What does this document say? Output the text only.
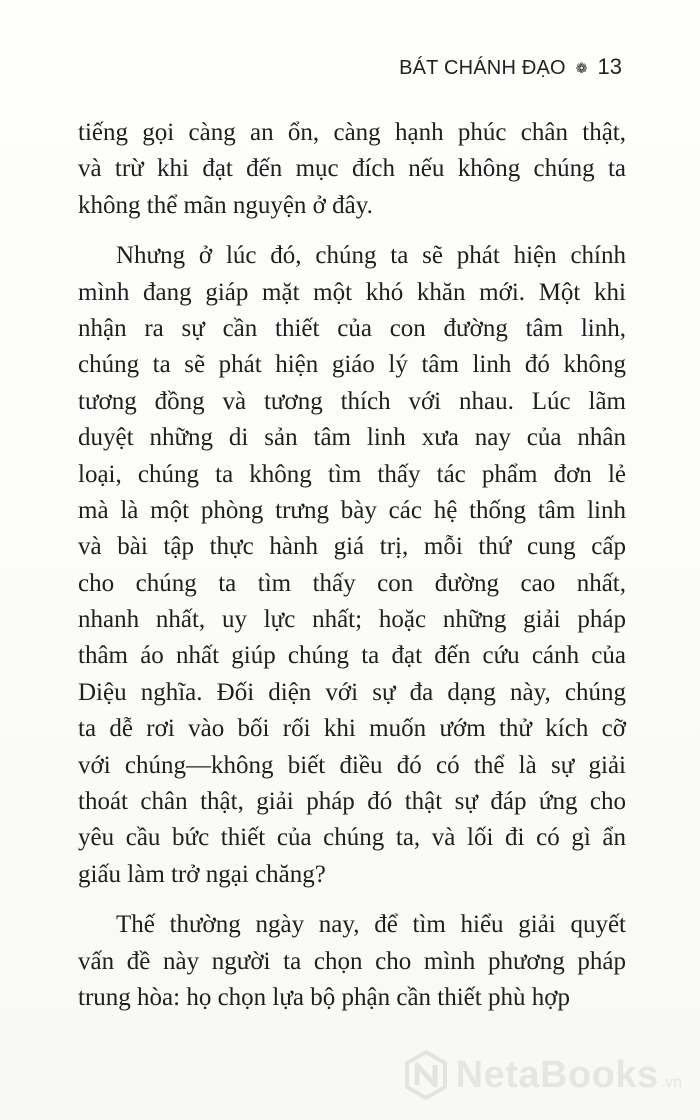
BÁT CHÁNH ĐẠO ❁ 13
tiếng gọi càng an ổn, càng hạnh phúc chân thật,
và trừ khi đạt đến mục đích nếu không chúng ta
không thể mãn nguyện ở đây.
Nhưng ở lúc đó, chúng ta sẽ phát hiện chính
mình đang giáp mặt một khó khăn mới. Một khi
nhận ra sự cần thiết của con đường tâm linh,
chúng ta sẽ phát hiện giáo lý tâm linh đó không
tương đồng và tương thích với nhau. Lúc lãm
duyệt những di sản tâm linh xưa nay của nhân
loại, chúng ta không tìm thấy tác phẩm đơn lẻ
mà là một phòng trưng bày các hệ thống tâm linh
và bài tập thực hành giá trị, mỗi thứ cung cấp
cho chúng ta tìm thấy con đường cao nhất,
nhanh nhất, uy lực nhất; hoặc những giải pháp
thâm áo nhất giúp chúng ta đạt đến cứu cánh của
Diệu nghĩa. Đối diện với sự đa dạng này, chúng
ta dễ rơi vào bối rối khi muốn ướm thử kích cỡ
với chúng—không biết điều đó có thể là sự giải
thoát chân thật, giải pháp đó thật sự đáp ứng cho
yêu cầu bức thiết của chúng ta, và lối đi có gì ẩn
giấu làm trở ngại chăng?
Thế thường ngày nay, để tìm hiểu giải quyết
vấn đề này người ta chọn cho mình phương pháp
trung hòa: họ chọn lựa bộ phận cần thiết phù hợp
NetaBooks .vn
